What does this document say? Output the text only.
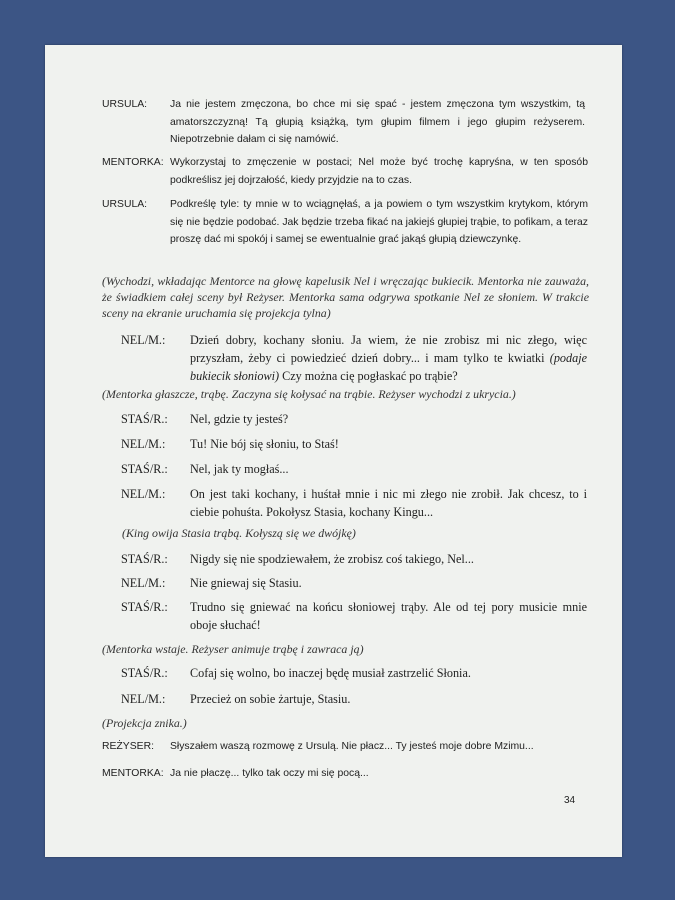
URSULA:	Ja nie jestem zmęczona, bo chce mi się spać - jestem zmęczona tym wszystkim, tą amatorszczyzną! Tą głupią książką, tym głupim filmem i jego głupim reżyserem. Niepotrzebnie dałam ci się namówić.
MENTORKA: Wykorzystaj to zmęczenie w postaci; Nel może być trochę kapryśna, w ten sposób podkreślisz jej dojrzałość, kiedy przyjdzie na to czas.
URSULA:	Podkreślę tyle: ty mnie w to wciągnęłaś, a ja powiem o tym wszystkim krytykom, którym się nie będzie podobać. Jak będzie trzeba fikać na jakiejś głupiej trąbie, to pofikam, a teraz proszę dać mi spokój i samej se ewentualnie grać jakąś głupią dziewczynkę.
(Wychodzi, wkładając Mentorce na głowę kapelusik Nel i wręczając bukiecik. Mentorka nie zauważa, że świadkiem całej sceny był Reżyser. Mentorka sama odgrywa spotkanie Nel ze słoniem. W trakcie sceny na ekranie uruchamia się projekcja tylna)
NEL/M.:	Dzień dobry, kochany słoniu. Ja wiem, że nie zrobisz mi nic złego, więc przyszłam, żeby ci powiedzieć dzień dobry... i mam tylko te kwiatki (podaje bukiecik słoniowi) Czy można cię pogłaskać po trąbie?
(Mentorka głaszcze, trąbę. Zaczyna się kołysać na trąbie. Reżyser wychodzi z ukrycia.)
STAŚ/R.:	Nel, gdzie ty jesteś?
NEL/M.:	Tu! Nie bój się słoniu, to Staś!
STAŚ/R.:	Nel, jak ty mogłaś...
NEL/M.:	On jest taki kochany, i huśtał mnie i nic mi złego nie zrobił. Jak chcesz, to i ciebie pohuśta. Pokołysz Stasia, kochany Kingu...
(King owija Stasia trąbą. Kołyszą się we dwójkę)
STAŚ/R.:	Nigdy się nie spodziewałem, że zrobisz coś takiego, Nel...
NEL/M.:	Nie gniewaj się Stasiu.
STAŚ/R.:	Trudno się gniewać na końcu słoniowej trąby. Ale od tej pory musicie mnie oboje słuchać!
(Mentorka wstaje. Reżyser animuje trąbę i zawraca ją)
STAŚ/R.:	Cofaj się wolno, bo inaczej będę musiał zastrzelić Słonia.
NEL/M.:	Przecież on sobie żartuje, Stasiu.
(Projekcja znika.)
REŻYSER:	Słyszałem waszą rozmowę z Ursulą. Nie płacz... Ty jesteś moje dobre Mzimu...
MENTORKA: Ja nie płaczę... tylko tak oczy mi się pocą...
34
